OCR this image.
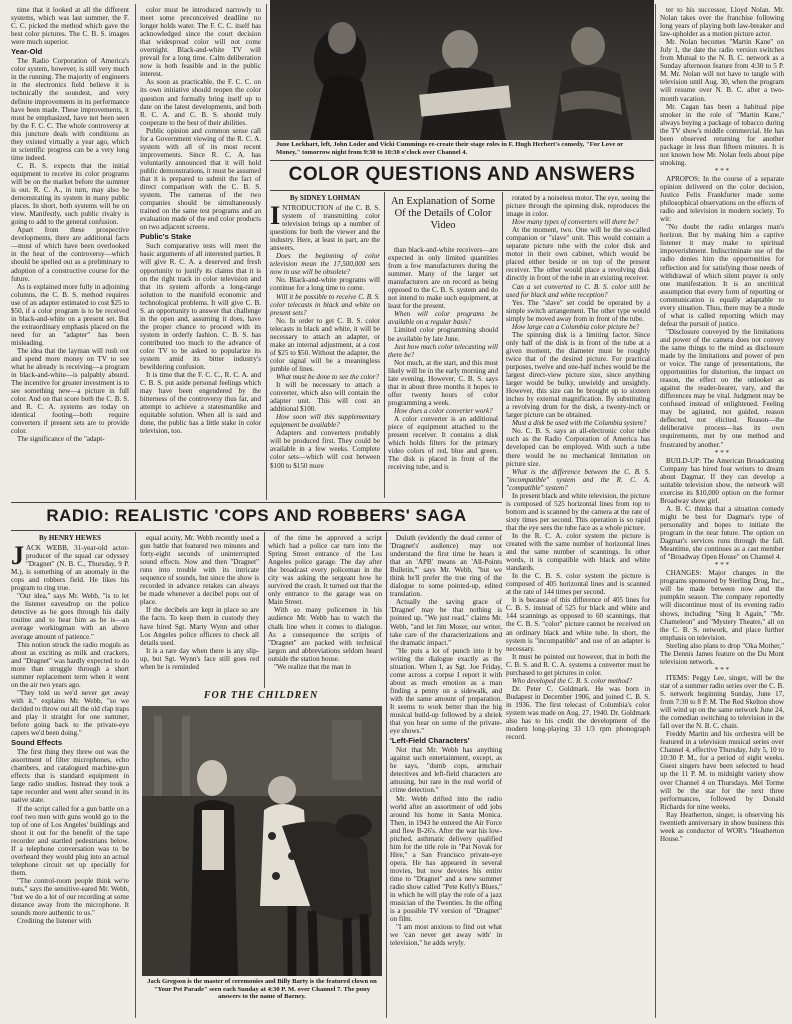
time that it looked at all the different systems, which was last summer, the F. C. C. picked the method which gave the best color pictures. The C. B. S. images were much superior.

Year-Old

The Radio Corporation of America's color system, however, is still very much in the running. The majority of engineers in the electronics field believe it is technically the soundest, and very definite improvements in its performance have been made. These improvements, it must be emphasized, have not been seen by the F. C. C. The whole controversy at this juncture deals with conditions as they existed virtually a year ago, which in scientific progress can be a very long time indeed.

C. B. S. expects that the initial equipment to receive its color programs will be on the market before the summer is out. R. C. A., in turn, may also be demonstrating its system in many public places. In short, both systems will be on view. Manifestly, such public rivalry is going to add to the general confusion.

Apart from these prospective developments, there are additional facts—most of which have been overlooked in the heat of the controversy—which should be spelled out as a preliminary to adoption of a constructive course for the future.

As is explained more fully in adjoining columns, the C. B. S. method requires use of an adapter estimated to cost $25 to $50, if a color program is to be received in black-and-white on a present set. But the extraordinary emphasis placed on the need for an "adapter" has been misleading.

The idea that the layman will rush out and spend more money on TV to see what he already is receiving—a program in black-and-white—is palpably absurd. The incentive for greater investment is to see something new—a picture in full color. And on that score both the C. B. S. and R. C. A. systems are today on identical footing—both require converters if present sets are to provide color.

The significance of the "adapt-

color must be introduced narrowly to meet some preconceived deadline no longer holds water. The F. C. C. itself has acknowledged since the court decision that widespread color will not come overnight. Black-and-white TV will prevail for a long time. Calm deliberation now is both feasible and in the public interest.

As soon as practicable, the F. C. C. on its own initiative should reopen the color question and formally bring itself up to date on the latest developments, and both R. C. A. and C. B. S. should truly cooperate to the best of their abilities.

Public opinion and common sense call for a Government viewing of the R. C. A. system with all of its most recent improvements. Since R. C. A. has voluntarily announced that it will hold public demonstrations, it must be assumed that it is prepared to submit the fact of direct comparison with the C. B. S. system. The cameras of the two companies should be simultaneously trained on the same test programs and an evaluation made of the end color products on two adjacent screens.

Public's Stake

Such comparative tests will meet the basic arguments of all interested parties. It will give R. C. A. a deserved and fresh opportunity to justify its claims that it is on the right track in color television and that its system affords a long-range solution to the manifold economic and technological problems. It will give C. B. S. an opportunity to answer that challenge in the open and, assuming it does, have the proper chance to proceed with its system in orderly fashion. C. B. S. has contributed too much to the advance of color TV to be asked to popularize its system amid its bitter industry's bewildering confusion.

It is time that the F. C. C., R. C. A. and C. B. S. put aside personal feelings which may have been engendered by the bitterness of the controversy thus far, and attempt to achieve a statesmanlike and equitable solution. When all is said and done, the public has a little stake in color television, too.

June Lockhart, left, John Loder and Vicki Cummings re-create their stage roles in F. Hugh Herbert's comedy, "For Love or Money," tomorrow night from 9:30 to 10:30 o'clock over Channel 4.
COLOR QUESTIONS AND ANSWERS

By SIDNEY LOHMAN

INTRODUCTION of the C. B. S. system of transmitting color television brings up a number of questions for both the viewer and the industry. Here, at least in part, are the answers.

Does the beginning of color television mean the 17,500,000 sets now in use will be obsolete?

No. Black-and-white programs will continue for a long time to come.

Will it be possible to receive C. B. S. color telecasts in black and white on present sets?

No. In order to get C. B. S. color telecasts in black and white, it will be necessary to attach an adapter, or make an internal adjustment, at a cost of $25 to $50. Without the adapter, the color signal will be a meaningless jumble of lines.

What must be done to see the color?

It will be necessary to attach a converter, which also will contain the adapter unit. This will cost an additional $100.

How soon will this supplementary equipment be available?

Adapters and converters probably will be produced first. They could be available in a few weeks. Complete color sets—which will cost between $100 to $150 more

An Explanation of Some Of the Details of Color Video

than black-and-white receivers—are expected in only limited quantities from a few manufacturers during the summer. Many of the larger set manufacturers are on record as being opposed to the C. B. S. system and do not intend to make such equipment, at least for the present.

When will color programs be available on a regular basis?

Limited color programming should be available by late June.

Just how much color telecasting will there be?

Not much, at the start, and this most likely will be in the early morning and late evening. However, C. B. S. says that in about three months it hopes to offer twenty hours of color programming a week.

How does a color converter work?

A color converter is an additional piece of equipment attached to the present receiver. It contains a disk which holds filters for the primary video colors of red, blue and green. The disk is placed in front of the receiving tube, and is

rotated by a noiseless motor. The eye, seeing the picture through the spinning disk, reproduces the image in color.

How many types of converters will there be?

At the moment, two. One will be the so-called companion or "slave" unit. This would contain a separate picture tube with the color disk and motor in their own cabinet, which would be placed either beside or on top of the present receiver. The other would place a revolving disk directly in front of the tube in an existing receiver.

Can a set converted to C. B. S. color still be used for black and white reception?

Yes. The "slave" set could be operated by a simple switch arrangement. The other type would simply be moved away from in front of the tube.

How large can a Columbia color picture be?

The spinning disk is a limiting factor. Since only half of the disk is in front of the tube at a given moment, the diameter must be roughly twice that of the desired picture. For practical purposes, twelve and one-half inches would be the largest direct-view picture size, since anything larger would be bulky, unwieldy and unsightly. However, this size can be brought up to sixteen inches by external magnification. By substituting a revolving drum for the disk, a twenty-inch or larger picture can be obtained.

Must a disk be used with the Columbia system?

No. C. B. S. says an all-electronic color tube such as the Radio Corporation of America has developed can be employed. With such a tube there would be no mechanical limitation on picture size.

What is the difference between the C. B. S. "incompatible" system and the R. C. A. "compatible" system?

In present black and white television, the picture is composed of 525 horizontal lines from top to bottom and is scanned by the camera at the rate of sixty times per second. This operation is so rapid that the eye sees the tube face as a whole picture.

In the R. C. A. color system the picture is created with the same number of horizontal lines and the same number of scannings. In other words, it is compatible with black and white standards.

In the C. B. S. color system the picture is composed of 405 horizontal lines and is scanned at the rate of 144 times per second.

It is because of this difference of 405 lines for C. B. S. instead of 525 for black and white and 144 scannings as opposed to 60 scannings, that the C. B. S. "color" picture cannot be received on an ordinary black and white tube. In short, the system is "incompatible" and use of an adapter is necessary.

It must be pointed out however, that in both the C. B. S. and R. C. A. systems a converter must be purchased to get pictures in color.

Who developed the C. B. S. color method?

Dr. Peter C. Goldmark. He was born in Budapest in December 1906, and joined C. B. S. in 1936. The first telecast of Columbia's color system was made on Aug. 27, 1940. Dr. Goldmark also has to his credit the development of the modern long-playing 33 1/3 rpm phonograph record.

ter to his successor, Lloyd Nolan. Mr. Nolan takes over the franchise following long years of playing both law-breaker and law-upholder as a motion picture actor.

Mr. Nolan becomes "Martin Kane" on July 1, the date the radio version switches from Mutual to the N. B. C. network as a Sunday afternoon feature from 4:30 to 5 P. M. Mr. Nolan will not have to tangle with television until Aug. 30, when the program will resume over N. B. C. after a two-month vacation.

Mr. Cagan has been a habitual pipe smoker in the role of "Martin Kane," always buying a package of tobacco during the TV show's middle commercial. He has been observed returning for another package in less than fifteen minutes. It is not known how Mr. Nolan feels about pipe smoking.

* * *

APROPOS: In the course of a separate opinion delivered on the color decision, Justice Felix Frankfurter made some philosophical observations on the effects of radio and television in modern society. To wit:

"No doubt the radio enlarges man's horizon. But by making him a captive listener it may make to spiritual impoverishment. Indiscriminate use of the radio denies him the opportunities for reflection and for satisfying those needs of withdrawal of which silent prayer is only one manifestation. It is an uncritical assumption that every form of reporting or communication is equally adaptable to every situation. Thus, there may be a mode of what is called reporting which may defeat the pursuit of justice.

"Disclosure conveyed by the limitations and power of the camera does not convey the same things to the mind as disclosure made by the limitations and power of pen or voice. The range of presentations, the opportunities for distortion, the impact on reason, the effect on the onlooker as against the reader-hearer, vary, and the differences may be vital. Judgment may be confused instead of enlightened. Feeling may be agitated, not guided, reason deflected, not elicited. Reason—the deliberative process—has its own requirements, met by one method and frustrated by another."

* * *

BUILD-UP: The American Broadcasting Company has hired four writers to dream about Dagmar. If they can develop a suitable television show, the network will exercise its $10,000 option on the former Broadway show girl.

A. B. C. thinks that a situation comedy might be best for Dagmar's type of personality and hopes to initiate the program in the near future. The option on Dagmar's services runs through the fall. Meantime, she continues as a cast member of "Broadway Open House" on Channel 4.

* * *

CHANGES: Major changes in the programs sponsored by Sterling Drug, Inc., will be made between now and the pumpkin season. The company reportedly will discontinue most of its evening radio shows, including "Sing It Again," "Mr. Chameleon" and "Mystery Theatre," all on the C. B. S. network, and place further emphasis on television.

Sterling also plans to drop "Oka Mother," The Dennis James feature on the Du Mont television network.

* * *

ITEMS: Peggy Lee, singer, will be the star of a summer radio series over the C. B. S. network beginning Sunday, June 17, from 7:30 to 8 P. M. The Red Skelton show will wind up on the same network June 24, the comedian switching to television in the fall over the N. B. C. chain.

Freddy Martin and his orchestra will be featured in a television musical series over Channel 4, effective Thursday, July 5, 10 to 10:30 P. M., for a period of eight weeks. Guest singers have been selected to head up the 11 P. M. to midnight variety show over Channel 4 on Thursdays. Mel Torme will be the star for the next three performances, followed by Donald Richards for nine weeks.

Ray Heatherton, singer, is observing his twentieth anniversary in show business this week as conductor of WOR's "Heatherton House."

RADIO: REALISTIC 'COPS AND ROBBERS' SAGA

By HENRY HEWES

JACK WEBB, 31-year-old actor-producer of the squad car odyssey "Dragnet" (N. B. C., Thursday, 9 P. M.), is something of an anomaly in the cops and robbers field. He likes his program to ring true.

"Our idea," says Mr. Webb, "is to let the listener eavesdrop on the police detective as he goes through his daily routine and to hear him as he is—an average workingman with an above average amount of patience."

This notion struck the radio moguls as about as exciting as milk and crackers, and "Dragnet" was hardly expected to do more than struggle through a short summer replacement term when it went on the air two years ago.

"They told us we'd never get away with it," explains Mr. Webb, "so we decided to throw out all the old clap traps and play it straight for one summer, before going back to the private-eye capers we'd been doing."

Sound Effects

The first thing they threw out was the assortment of filter microphones, echo chambers, and catalogued machine-gun effects that is standard equipment in large radio studios. Instead they took a tape recorder and went after sound in its native state.

If the script called for a gun battle on a roof two men with guns would go to the top of one of Los Angeles' buildings and shoot it out for the benefit of the tape recorder and startled pedestrians below. If a telephone conversation was to be overheard they would plug into an actual telephone circuit set up specially for them.

"The control-room people think we're nuts," says the sensitive-eared Mr. Webb, "but we do a lot of our recording at some distance away from the microphone. It sounds more authentic to us."

Crediting the listener with

equal acuity, Mr. Webb recently used a gun battle that featured two minutes and forty-eight seconds of uninterrupted sound effects. Now and then "Dragnet" runs into trouble with its intricate sequence of sounds, but since the show is recorded in advance retakes can always be made whenever a decibel pops out of place.

If the decibels are kept in place so are the facts. To keep them in custody they have hired Sgt. Marty Wynn and other Los Angeles police officers to check all details used.

It is a rare day when there is any slip-up, but Sgt. Wynn's face still goes red when he is reminded

of the time he approved a script which had a police car turn into the Spring Street entrance of the Los Angeles police garage. The day after the broadcast every policeman in the city was asking the sergeant how he survived the crash. It turned out that the only entrance to the garage was on Main Street.

With so many policemen in his audience Mr. Webb has to watch the chalk line when it comes to dialogue. As a consequence the scripts of "Dragnet" are packed with technical jargon and abbreviations seldom heard outside the station house.

"We realize that the man in

Duluth (evidently the dead center of 'Dragnet's' audience) may not understand the first time he hears it that an 'APB' means an 'All-Points Bulletin,'" says Mr. Webb, "but we think he'll prefer the true ring of the dialogue to some pointed-up, edited translation.

Actually the saving grace of 'Dragnet' may be that nothing is pointed up. "We just read," claims Mr. Webb, "and let Jim Moser, our writer, take care of the characterizations and the dramatic impact."

"He puts a lot of punch into it by writing the dialogue exactly as the situation. When I, as Sgt. Joe Friday, come across a corpse I report it with about as much emotion as a man finding a penny on a sidewalk, and with the same amount of preparation. It seems to work better than the big musical build-up followed by a shriek that you hear on some of the private-eye shows."

'Left-Field Characters'

Not that Mr. Webb has anything against such entertainment, except, as he says, "dumb cops, armchair detectives and left-field characters are amusing, but rare in the real world of crime detection."

Mr. Webb drifted into the radio world after an assortment of odd jobs around his home in Santa Monica. Then, in 1943 he entered the Air Force and flew B-26's. After the war his low-pitched, asthmatic delivery qualified him for the title role in "Pat Novak for Hire," a San Francisco private-eye opera. He has appeared in several movies, but now devotes his entire time to "Dragnet" and a new summer radio show called "Pete Kelly's Blues," in which he will play the role of a jazz musician of the Twenties. In the offing is a possible TV version of "Dragnet" on film.

"I am most anxious to find out what we 'can never get away with' in television," he adds wryly.

FOR THE CHILDREN
Jack Gregson is the master of ceremonies and Billy Barty is the featured clown on "Your Pet Parade" seen each Sunday at 4:30 P. M. over Channel 7. The pony answers to the name of Barney.
